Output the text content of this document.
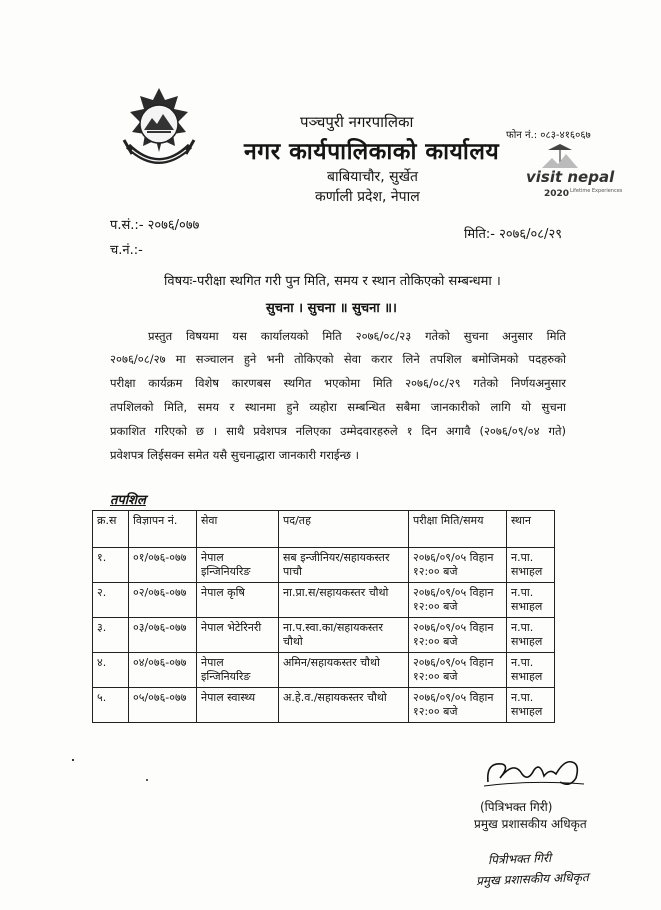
पञ्चपुरी नगरपालिका
नगर कार्यपालिकाको कार्यालय
बाबियाचौर, सुर्खेत
कर्णाली प्रदेश, नेपाल
फोन नं.: ०८३-४१६०६७
visit nepal
2020 Lifetime Experiences
प.सं.:- २०७६/०७७
मिति:- २०७६/०८/२९
च.नं.:-
विषयः-परीक्षा स्थगित गरी पुन मिति, समय र स्थान तोकिएको सम्बन्धमा ।
सुचना । सुचना ॥ सुचना ॥।
प्रस्तुत विषयमा यस कार्यालयको मिति २०७६/०८/२३ गतेको सुचना अनुसार मिति
२०७६/०८/२७ मा सञ्चालन हुने भनी तोकिएको सेवा करार लिने तपशिल बमोजिमको पदहरुको
परीक्षा कार्यक्रम विशेष कारणबस स्थगित भएकोमा मिति २०७६/०८/२९ गतेको निर्णयअनुसार
तपशिलको मिति, समय र स्थानमा हुने व्यहोरा सम्बन्धित सबैमा जानकारीको लागि यो सुचना
प्रकाशित गरिएको छ । साथै प्रवेशपत्र नलिएका उम्मेदवारहरुले १ दिन अगावै (२०७६/०९/०४ गते)
प्रवेशपत्र लिईसक्न समेत यसै सुचनाद्धारा जानकारी गराईन्छ ।
तपशिल
क्र.स	विज्ञापन नं.	सेवा	पद/तह	परीक्षा मिति/समय	स्थान
१.	०१/०७६-०७७	नेपाल इन्जिनियरिङ	सब इन्जीनियर/सहायकस्तर पाचौ	२०७६/०९/०५ विहान १२:०० बजे	न.पा. सभाहल
२.	०२/०७६-०७७	नेपाल कृषि	ना.प्रा.स/सहायकस्तर चौथो	२०७६/०९/०५ विहान १२:०० बजे	न.पा. सभाहल
३.	०३/०७६-०७७	नेपाल भेटेरिनरी	ना.प.स्वा.का/सहायकस्तर चौथो	२०७६/०९/०५ विहान १२:०० बजे	न.पा. सभाहल
४.	०४/०७६-०७७	नेपाल इन्जिनियरिङ	अमिन/सहायकस्तर चौथो	२०७६/०९/०५ विहान १२:०० बजे	न.पा. सभाहल
५.	०५/०७६-०७७	नेपाल स्वास्थ्य	अ.हे.व./सहायकस्तर चौथो	२०७६/०९/०५ विहान १२:०० बजे	न.पा. सभाहल
(पित्रिभक्त गिरी)
प्रमुख प्रशासकीय अधिकृत
पित्रीभक्त गिरी
प्रमुख प्रशासकीय अधिकृत
